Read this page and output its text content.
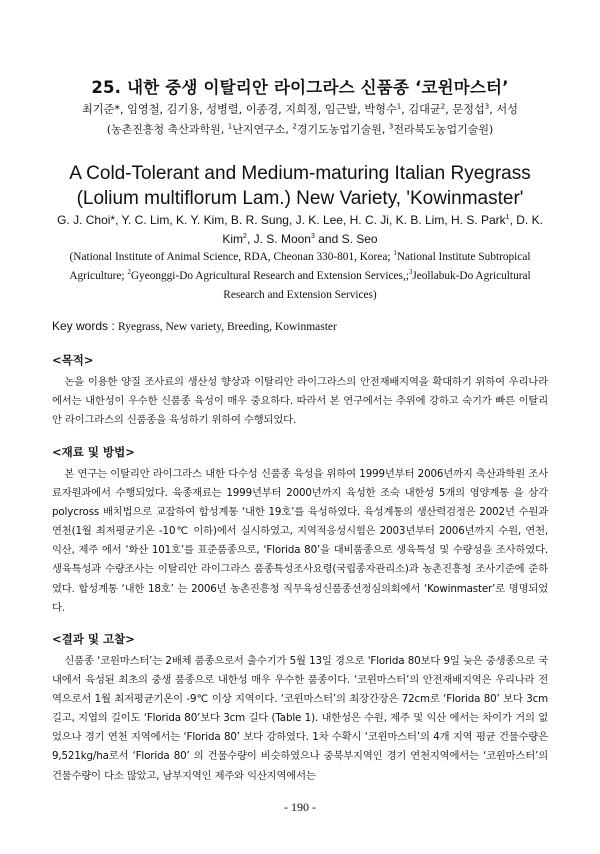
25. 내한 중생 이탈리안 라이그라스 신품종 ‘코윈마스터’
최기준*, 임영철, 김기용, 성병렬, 이종경, 지희정, 임근발, 박형수$^1$, 김대균$^2$, 문정섭$^3$, 서성
(농촌진흥청 축산과학원, $^1$난지연구소, $^2$경기도농업기술원, $^3$전라북도농업기술원)
A Cold-Tolerant and Medium-maturing Italian Ryegrass (Lolium multiflorum Lam.) New Variety, 'Kowinmaster'
G. J. Choi*, Y. C. Lim, K. Y. Kim, B. R. Sung, J. K. Lee, H. C. Ji, K. B. Lim, H. S. Park$^1$, D. K. Kim$^2$, J. S. Moon$^3$ and S. Seo
(National Institute of Animal Science, RDA, Cheonan 330-801, Korea; $^1$National Institute Subtropical Agriculture; $^2$Gyeonggi-Do Agricultural Research and Extension Services,;$^3$Jeollabuk-Do Agricultural Research and Extension Services)
Key words : Ryegrass, New variety, Breeding, Kowinmaster
<목적>
논을 이용한 양질 조사료의 생산성 향상과 이탈리안 라이그라스의 안전재배지역을 확대하기 위하여 우리나라에서는 내한성이 우수한 신품종 육성이 매우 중요하다. 따라서 본 연구에서는 추위에 강하고 숙기가 빠른 이탈리안 라이그라스의 신품종을 육성하기 위하여 수행되었다.
<재료 및 방법>
본 연구는 이탈리안 라이그라스 내한 다수성 신품종 육성을 위하여 1999년부터 2006년까지 축산과학원 조사료자원과에서 수행되었다. 육종재료는 1999년부터 2000년까지 육성한 조숙 내한성 5개의 영양계통 을 삼각 polycross 배치법으로 교잡하여 합성계통 ‘내한 19호’를 육성하였다. 육성계통의 생산력검정은 2002년 수원과 연천(1월 최저평균기온 -10℃ 이하)에서 실시하였고, 지역적응성시험은 2003년부터 2006년까지 수원, 연천, 익산, 제주 에서 ‘화산 101호’를 표준품종으로, ‘Florida 80’을 대비품종으로 생육특성 및 수량성을 조사하였다. 생육특성과 수량조사는 이탈리안 라이그라스 품종특성조사요령(국립종자관리소)과 농촌진흥청 조사기준에 준하였다. 합성계통 ‘내한 18호’ 는 2006년 농촌진흥청 직무육성신품종선정심의회에서 ‘Kowinmaster’로 명명되었다.
<결과 및 고찰>
신품종 ‘코윈마스터’는 2배체 품종으로서 출수기가 5월 13일 경으로 'Florida 80보다 9일 늦은 중생종으로 국내에서 육성된 최초의 중생 품종으로 내한성 매우 우수한 품종이다. ‘코윈마스터’의 안전재배지역은 우리나라 전역으로서 1월 최저평균기온이 -9℃ 이상 지역이다. ‘코윈마스터’의 최장간장은 72cm로 ‘Florida 80’ 보다 3cm 길고, 지엽의 길이도 ‘Florida 80’보다 3cm 길다 (Table 1). 내한성은 수원, 제주 및 익산 에서는 차이가 거의 없었으나 경기 연천 지역에서는 ‘Florida 80’ 보다 강하였다. 1차 수확시 ‘코윈마스터’의 4개 지역 평균 건물수량은 9,521kg/ha로서 ‘Florida 80’ 의 건물수량이 비슷하였으나 중북부지역인 경기 연천지역에서는 ‘코윈마스터’의 건물수량이 다소 많았고, 남부지역인 제주와 익산지역에서는
- 190 -
